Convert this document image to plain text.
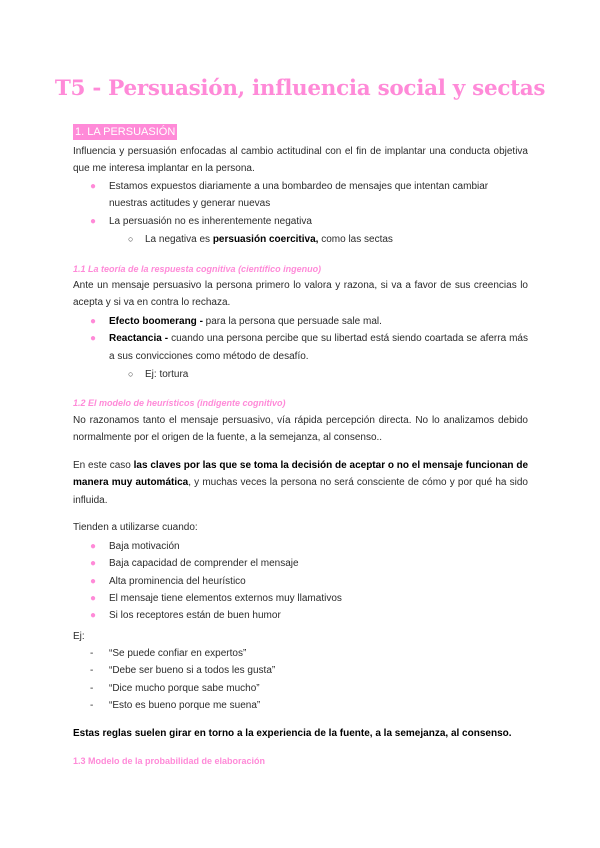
T5 - Persuasión, influencia social y sectas
1. LA PERSUASIÓN

Influencia y persuasión enfocadas al cambio actitudinal con el fin de implantar una conducta objetiva que me interesa implantar en la persona.

● Estamos expuestos diariamente a una bombardeo de mensajes que intentan cambiar nuestras actitudes y generar nuevas
● La persuasión no es inherentemente negativa
○ La negativa es persuasión coercitiva, como las sectas
1.1 La teoría de la respuesta cognitiva (científico ingenuo)

Ante un mensaje persuasivo la persona primero lo valora y razona, si va a favor de sus creencias lo acepta y si va en contra lo rechaza.

● Efecto boomerang - para la persona que persuade sale mal.
● Reactancia - cuando una persona percibe que su libertad está siendo coartada se aferra más a sus convicciones como método de desafío.
○ Ej: tortura
1.2 El modelo de heurísticos (indigente cognitivo)

No razonamos tanto el mensaje persuasivo, vía rápida percepción directa. No lo analizamos debido normalmente por el origen de la fuente, a la semejanza, al consenso..

En este caso las claves por las que se toma la decisión de aceptar o no el mensaje funcionan de manera muy automática, y muchas veces la persona no será consciente de cómo y por qué ha sido influida.

Tienden a utilizarse cuando:

● Baja motivación
● Baja capacidad de comprender el mensaje
● Alta prominencia del heurístico
● El mensaje tiene elementos externos muy llamativos
● Si los receptores están de buen humor

Ej:

- “Se puede confiar en expertos”
- “Debe ser bueno si a todos les gusta”
- “Dice mucho porque sabe mucho”
- “Esto es bueno porque me suena”

Estas reglas suelen girar en torno a la experiencia de la fuente, a la semejanza, al consenso.

1.3 Modelo de la probabilidad de elaboración
